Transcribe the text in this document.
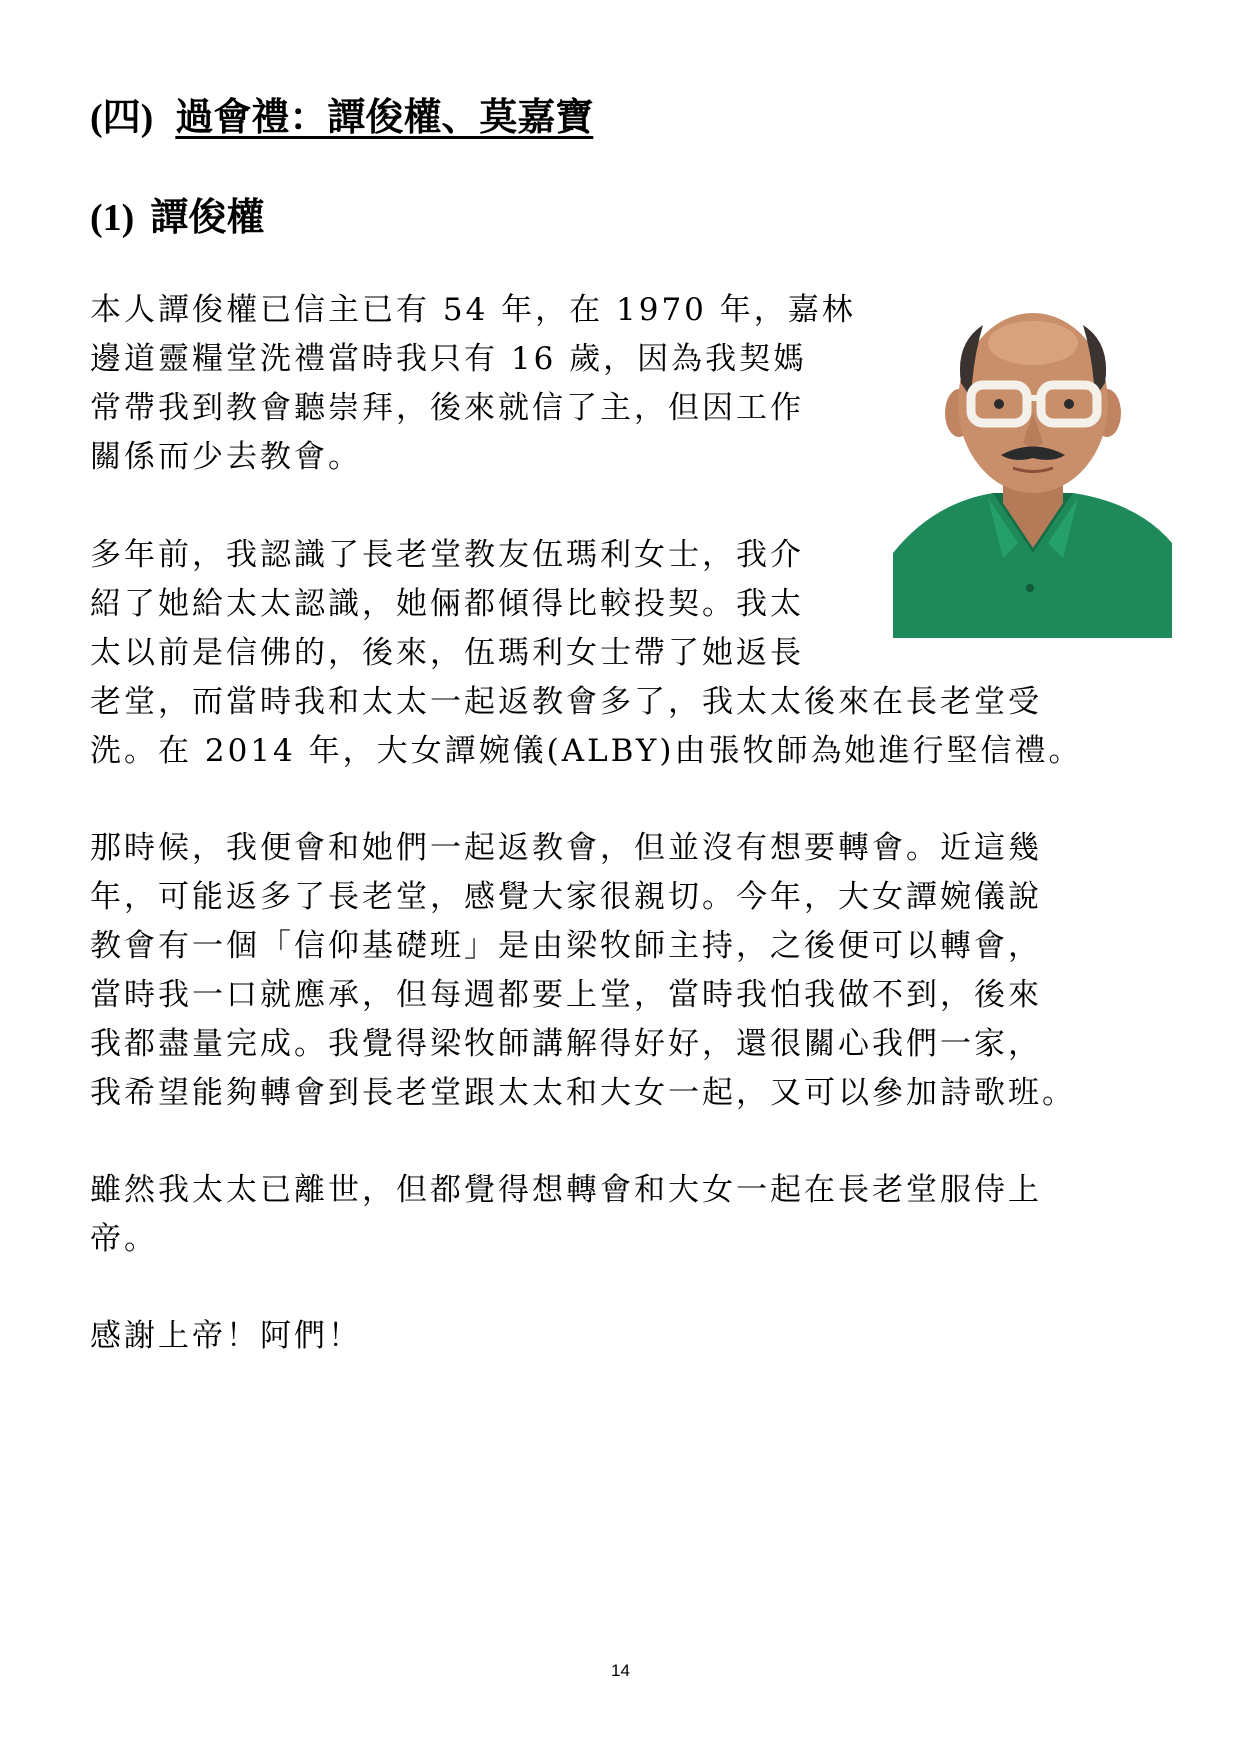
(四) 過會禮：譚俊權、莫嘉寶
(1) 譚俊權
本人譚俊權已信主已有 54 年，在 1970 年，嘉林
邊道靈糧堂洗禮當時我只有 16 歲，因為我契媽
常帶我到教會聽崇拜，後來就信了主，但因工作
關係而少去教會。
多年前，我認識了長老堂教友伍瑪利女士，我介
紹了她給太太認識，她倆都傾得比較投契。我太
太以前是信佛的，後來，伍瑪利女士帶了她返長
老堂，而當時我和太太一起返教會多了，我太太後來在長老堂受
洗。在 2014 年，大女譚婉儀(ALBY)由張牧師為她進行堅信禮。
那時候，我便會和她們一起返教會，但並沒有想要轉會。近這幾
年，可能返多了長老堂，感覺大家很親切。今年，大女譚婉儀說
教會有一個「信仰基礎班」是由梁牧師主持，之後便可以轉會，
當時我一口就應承，但每週都要上堂，當時我怕我做不到，後來
我都盡量完成。我覺得梁牧師講解得好好，還很關心我們一家，
我希望能夠轉會到長老堂跟太太和大女一起，又可以參加詩歌班。
雖然我太太已離世，但都覺得想轉會和大女一起在長老堂服侍上
帝。
感謝上帝！阿們！
14
